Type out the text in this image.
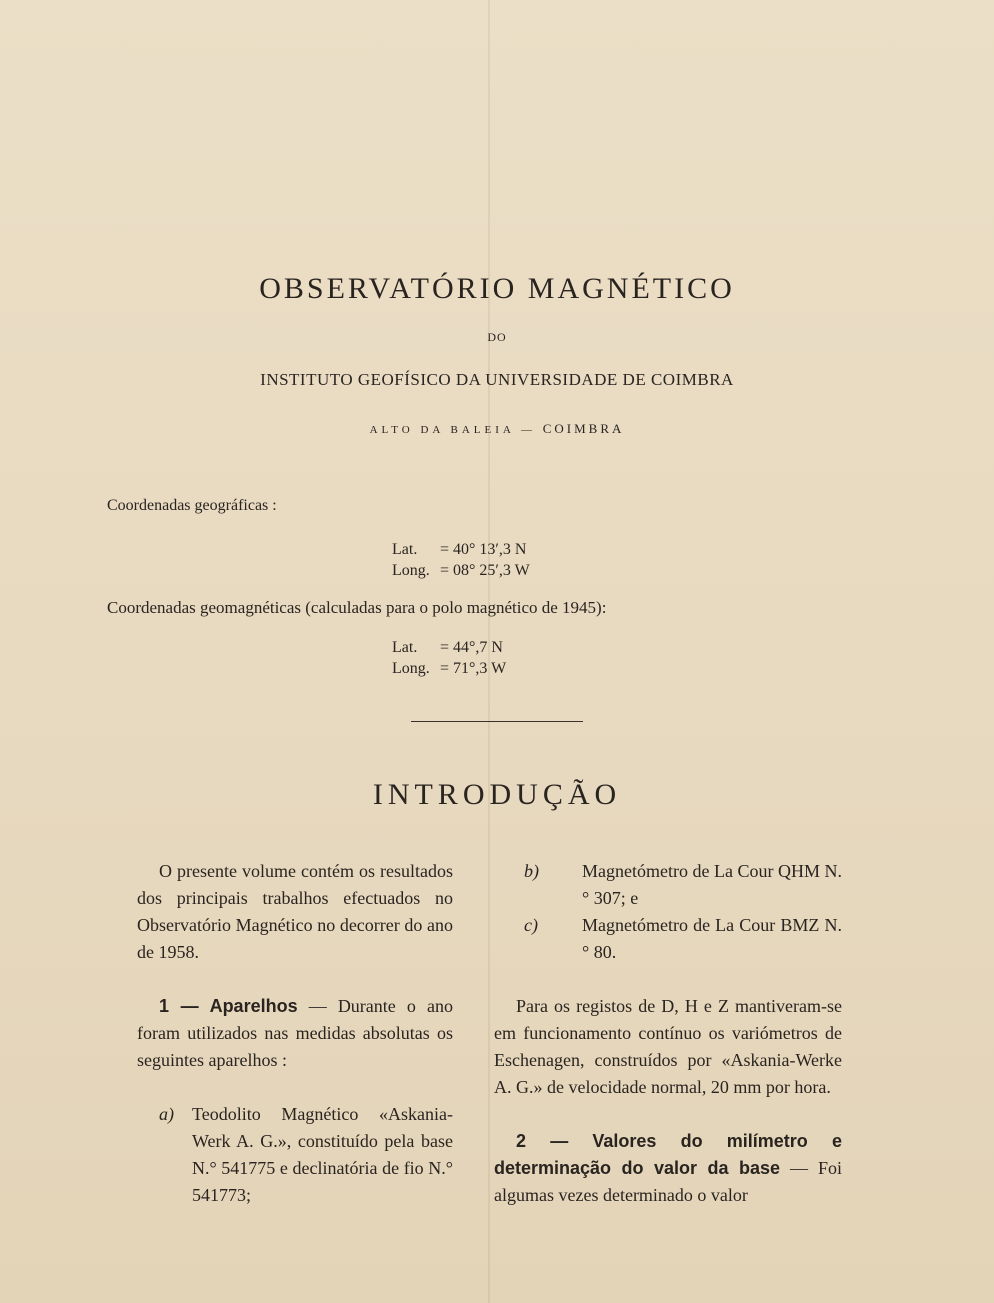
OBSERVATÓRIO MAGNÉTICO
DO
INSTITUTO GEOFÍSICO DA UNIVERSIDADE DE COIMBRA
ALTO DA BALEIA — COIMBRA
Coordenadas geográficas :
Lat. = 40° 13′,3 N
Long. = 08° 25′,3 W
Coordenadas geomagnéticas (calculadas para o polo magnético de 1945):
Lat. = 44°,7 N
Long. = 71°,3 W
INTRODUÇÃO

O presente volume contém os resultados dos principais trabalhos efectuados no Observatório Magnético no decorrer do ano de 1958.

1 — Aparelhos — Durante o ano foram utilizados nas medidas absolutas os seguintes aparelhos :

a) Teodolito Magnético «Askania-Werk A. G.», constituído pela base N.° 541775 e declinatória de fio N.° 541773;
b) Magnetómetro de La Cour QHM N.° 307; e
c) Magnetómetro de La Cour BMZ N.° 80.

Para os registos de D, H e Z mantiveram-se em funcionamento contínuo os variómetros de Eschenagen, construídos por «Askania-Werke A. G.» de velocidade normal, 20 mm por hora.

2 — Valores do milímetro e determinação do valor da base — Foi algumas vezes determinado o valor
